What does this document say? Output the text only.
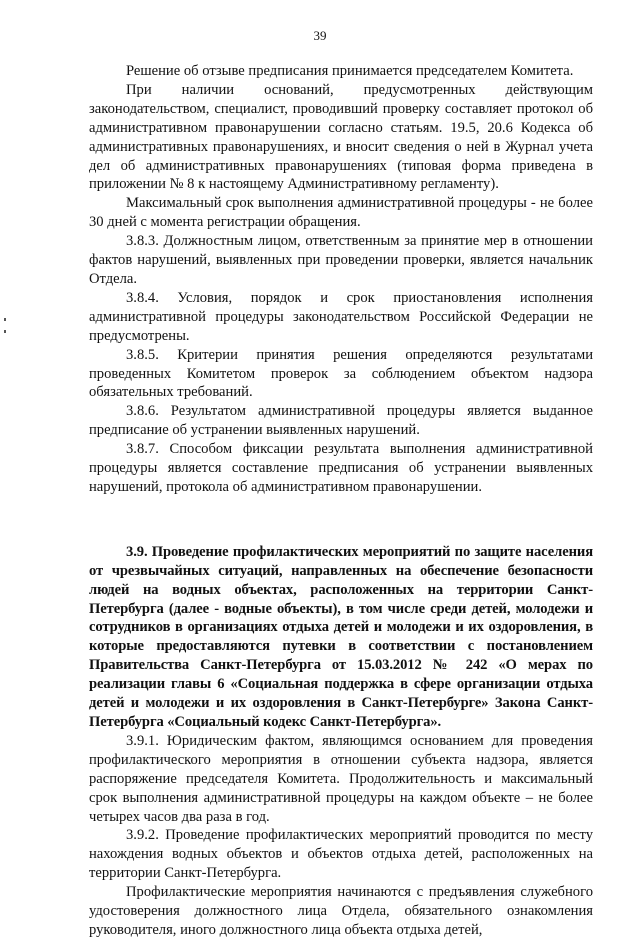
39

Решение об отзыве предписания принимается председателем Комитета.

При наличии оснований, предусмотренных действующим законодательством, специалист, проводивший проверку составляет протокол об административном правонарушении согласно статьям. 19.5, 20.6 Кодекса об административных правонарушениях, и вносит сведения о ней в Журнал учета дел об административных правонарушениях (типовая форма приведена в приложении № 8 к настоящему Административному регламенту).

Максимальный срок выполнения административной процедуры - не более 30 дней с момента регистрации обращения.

3.8.3. Должностным лицом, ответственным за принятие мер в отношении фактов нарушений, выявленных при проведении проверки, является начальник Отдела.

3.8.4. Условия, порядок и срок приостановления исполнения административной процедуры законодательством Российской Федерации не предусмотрены.

3.8.5. Критерии принятия решения определяются результатами проведенных Комитетом проверок за соблюдением объектом надзора обязательных требований.

3.8.6. Результатом административной процедуры является выданное предписание об устранении выявленных нарушений.

3.8.7. Способом фиксации результата выполнения административной процедуры является составление предписания об устранении выявленных нарушений, протокола об административном правонарушении.

3.9. Проведение профилактических мероприятий по защите населения от чрезвычайных ситуаций, направленных на обеспечение безопасности людей на водных объектах, расположенных на территории Санкт-Петербурга (далее - водные объекты), в том числе среди детей, молодежи и сотрудников в организациях отдыха детей и молодежи и их оздоровления, в которые предоставляются путевки в соответствии с постановлением Правительства Санкт-Петербурга от 15.03.2012 № 242 «О мерах по реализации главы 6 «Социальная поддержка в сфере организации отдыха детей и молодежи и их оздоровления в Санкт-Петербурге» Закона Санкт-Петербурга «Социальный кодекс Санкт-Петербурга».

3.9.1. Юридическим фактом, являющимся основанием для проведения профилактического мероприятия в отношении субъекта надзора, является распоряжение председателя Комитета. Продолжительность и максимальный срок выполнения административной процедуры на каждом объекте – не более четырех часов два раза в год.

3.9.2. Проведение профилактических мероприятий проводится по месту нахождения водных объектов и объектов отдыха детей, расположенных на территории Санкт-Петербурга.

Профилактические мероприятия начинаются с предъявления служебного удостоверения должностного лица Отдела, обязательного ознакомления руководителя, иного должностного лица объекта отдыха детей,
